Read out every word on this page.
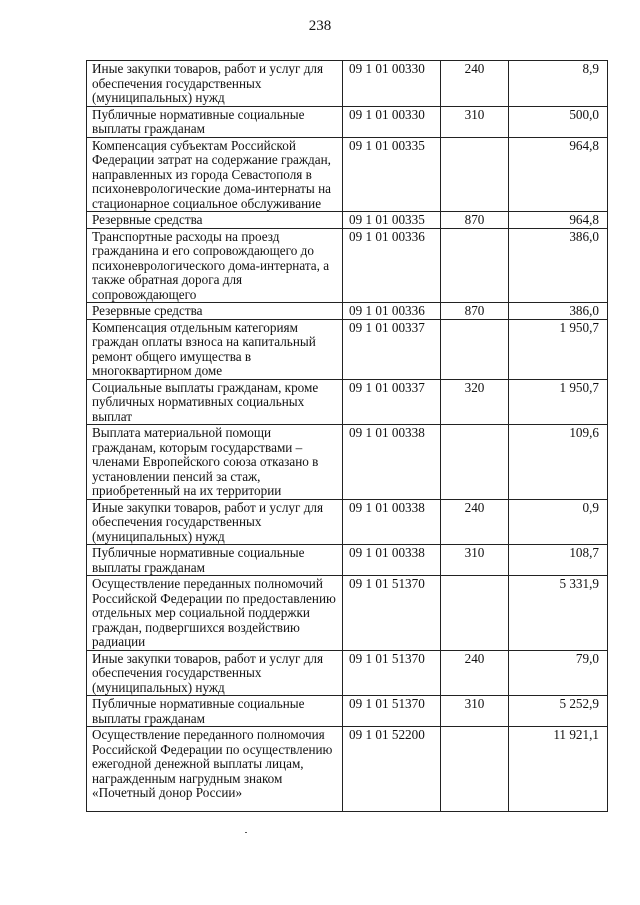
238
Иные закупки товаров, работ и услуг для обеспечения государственных (муниципальных) нужд	09 1 01 00330	240	8,9
Публичные нормативные социальные выплаты гражданам	09 1 01 00330	310	500,0
Компенсация субъектам Российской Федерации затрат на содержание граждан, направленных из города Севастополя в психоневрологические дома-интернаты на стационарное социальное обслуживание	09 1 01 00335		964,8
Резервные средства	09 1 01 00335	870	964,8
Транспортные расходы на проезд гражданина и его сопровождающего до психоневрологического дома-интерната, а также обратная дорога для сопровождающего	09 1 01 00336		386,0
Резервные средства	09 1 01 00336	870	386,0
Компенсация отдельным категориям граждан оплаты взноса на капитальный ремонт общего имущества в многоквартирном доме	09 1 01 00337		1 950,7
Социальные выплаты гражданам, кроме публичных нормативных социальных выплат	09 1 01 00337	320	1 950,7
Выплата материальной помощи гражданам, которым государствами – членами Европейского союза отказано в установлении пенсий за стаж, приобретенный на их территории	09 1 01 00338		109,6
Иные закупки товаров, работ и услуг для обеспечения государственных (муниципальных) нужд	09 1 01 00338	240	0,9
Публичные нормативные социальные выплаты гражданам	09 1 01 00338	310	108,7
Осуществление переданных полномочий Российской Федерации по предоставлению отдельных мер социальной поддержки граждан, подвергшихся воздействию радиации	09 1 01 51370		5 331,9
Иные закупки товаров, работ и услуг для обеспечения государственных (муниципальных) нужд	09 1 01 51370	240	79,0
Публичные нормативные социальные выплаты гражданам	09 1 01 51370	310	5 252,9
Осуществление переданного полномочия Российской Федерации по осуществлению ежегодной денежной выплаты лицам, награжденным нагрудным знаком «Почетный донор России»	09 1 01 52200		11 921,1
